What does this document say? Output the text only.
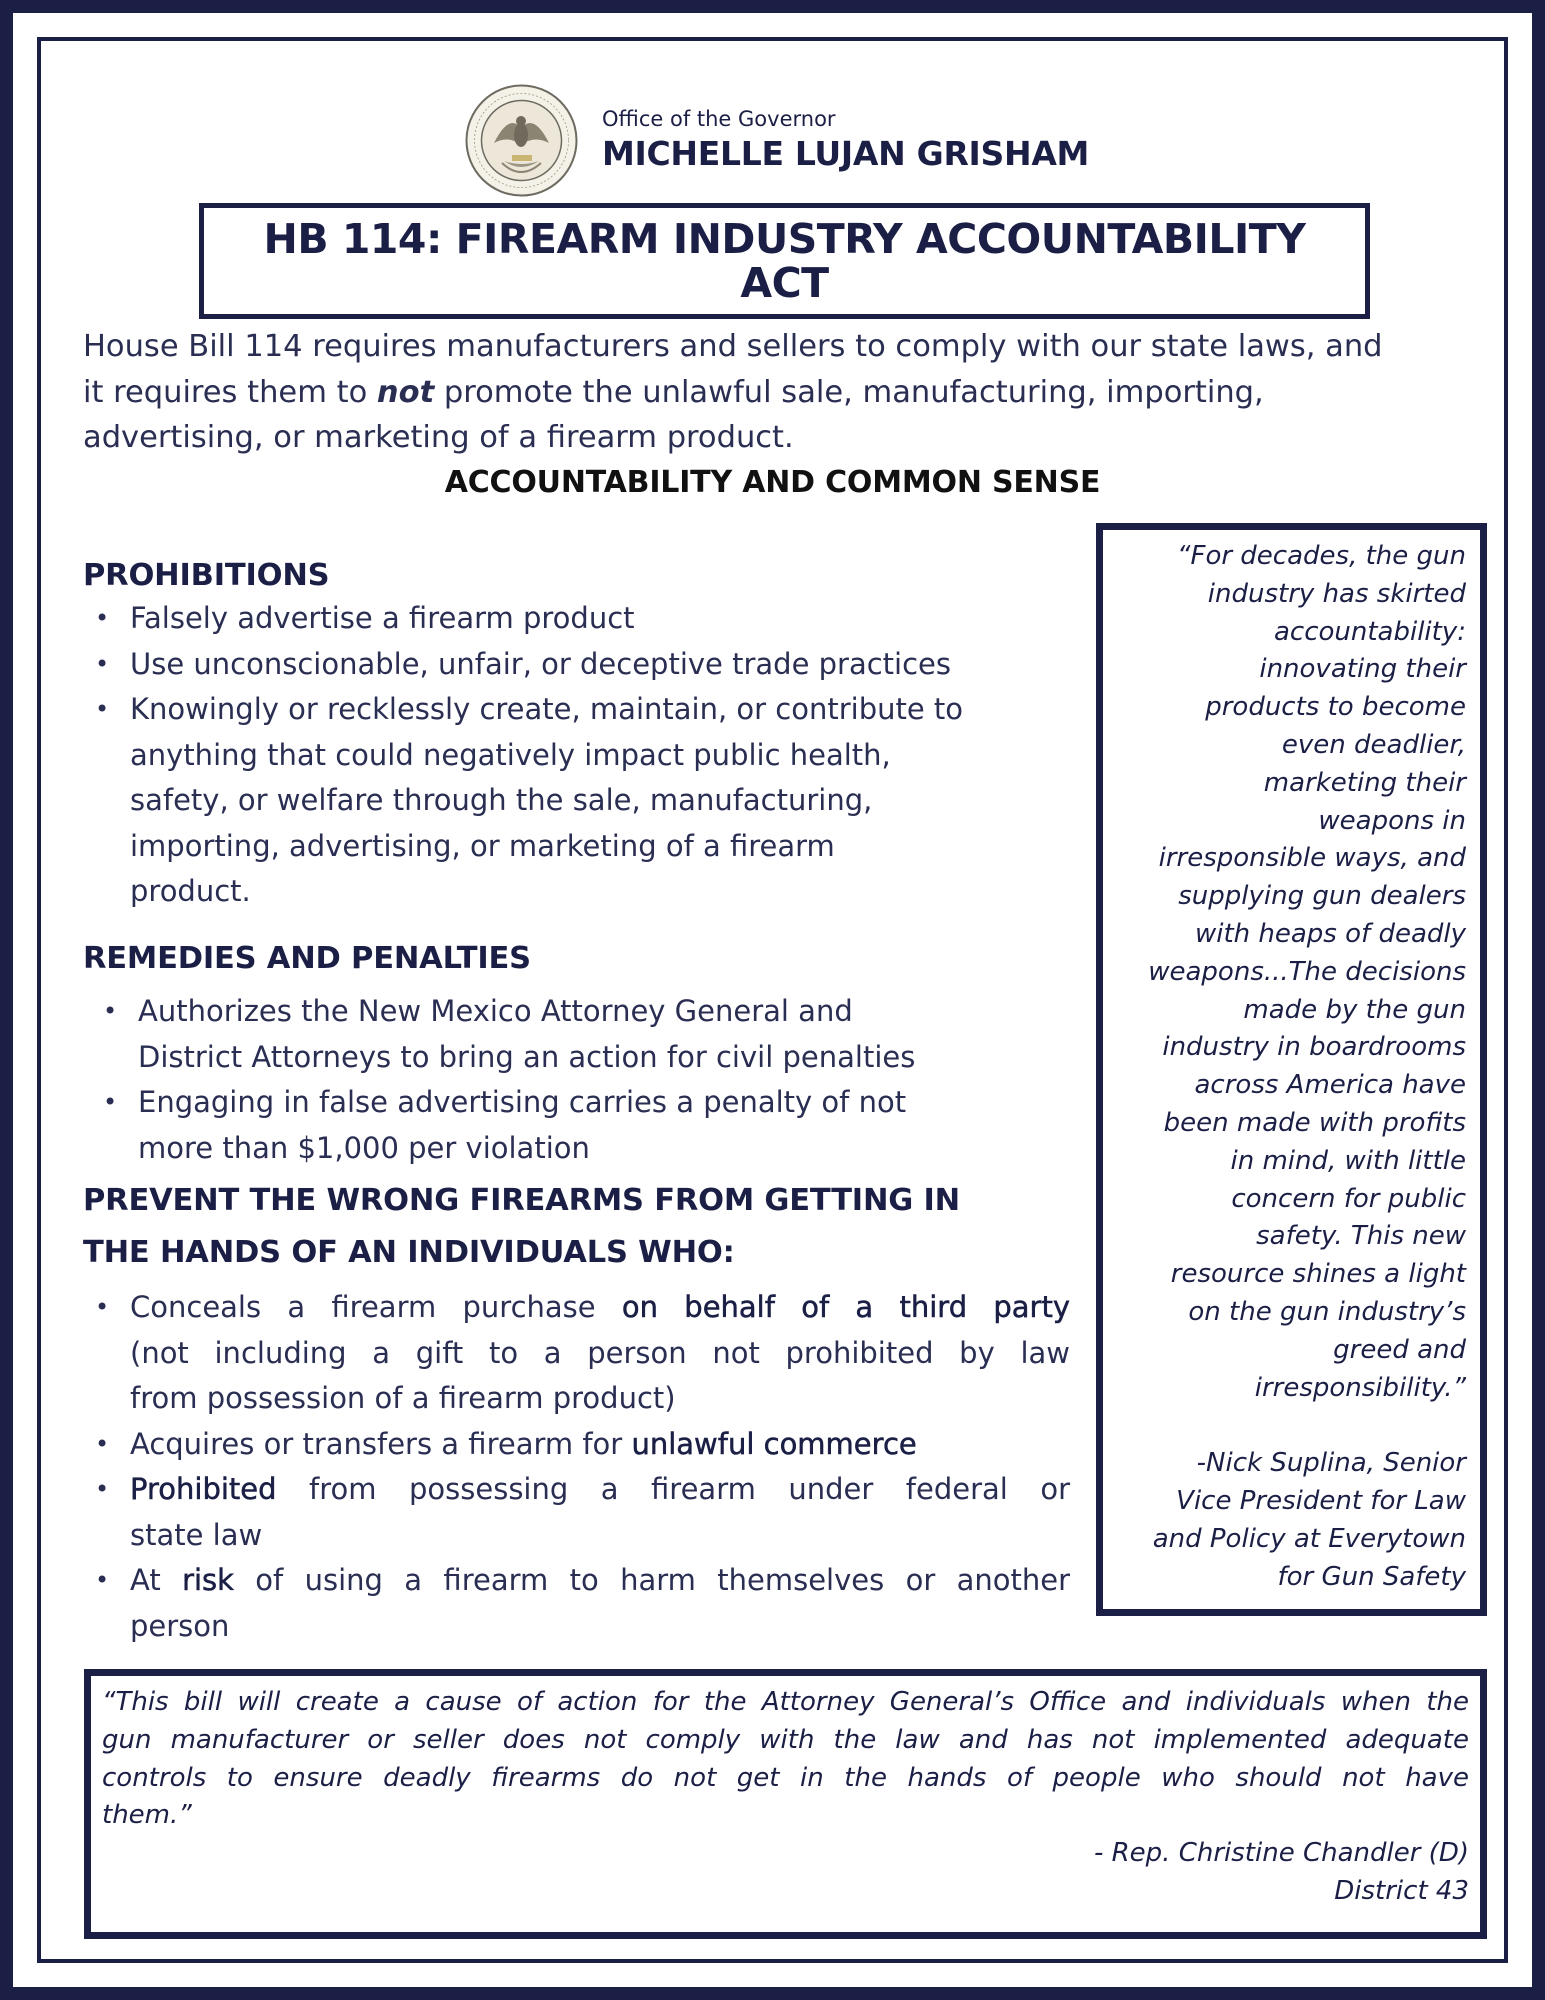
Office of the Governor
MICHELLE LUJAN GRISHAM
HB 114: FIREARM INDUSTRY ACCOUNTABILITY
ACT
House Bill 114 requires manufacturers and sellers to comply with our state laws, and
it requires them to not promote the unlawful sale, manufacturing, importing,
advertising, or marketing of a firearm product.
ACCOUNTABILITY AND COMMON SENSE
PROHIBITIONS
• Falsely advertise a firearm product
• Use unconscionable, unfair, or deceptive trade practices
• Knowingly or recklessly create, maintain, or contribute to
anything that could negatively impact public health,
safety, or welfare through the sale, manufacturing,
importing, advertising, or marketing of a firearm
product.
REMEDIES AND PENALTIES
• Authorizes the New Mexico Attorney General and
District Attorneys to bring an action for civil penalties
• Engaging in false advertising carries a penalty of not
more than $1,000 per violation
PREVENT THE WRONG FIREARMS FROM GETTING IN
THE HANDS OF AN INDIVIDUALS WHO:
• Conceals a firearm purchase on behalf of a third party
(not including a gift to a person not prohibited by law
from possession of a firearm product)
• Acquires or transfers a firearm for unlawful commerce
• Prohibited from possessing a firearm under federal or
state law
• At risk of using a firearm to harm themselves or another
person
“For decades, the gun
industry has skirted
accountability:
innovating their
products to become
even deadlier,
marketing their
weapons in
irresponsible ways, and
supplying gun dealers
with heaps of deadly
weapons...The decisions
made by the gun
industry in boardrooms
across America have
been made with profits
in mind, with little
concern for public
safety. This new
resource shines a light
on the gun industry’s
greed and
irresponsibility.”

-Nick Suplina, Senior
Vice President for Law
and Policy at Everytown
for Gun Safety
“This bill will create a cause of action for the Attorney General’s Office and individuals when the
gun manufacturer or seller does not comply with the law and has not implemented adequate
controls to ensure deadly firearms do not get in the hands of people who should not have
them.”
- Rep. Christine Chandler (D)
District 43
